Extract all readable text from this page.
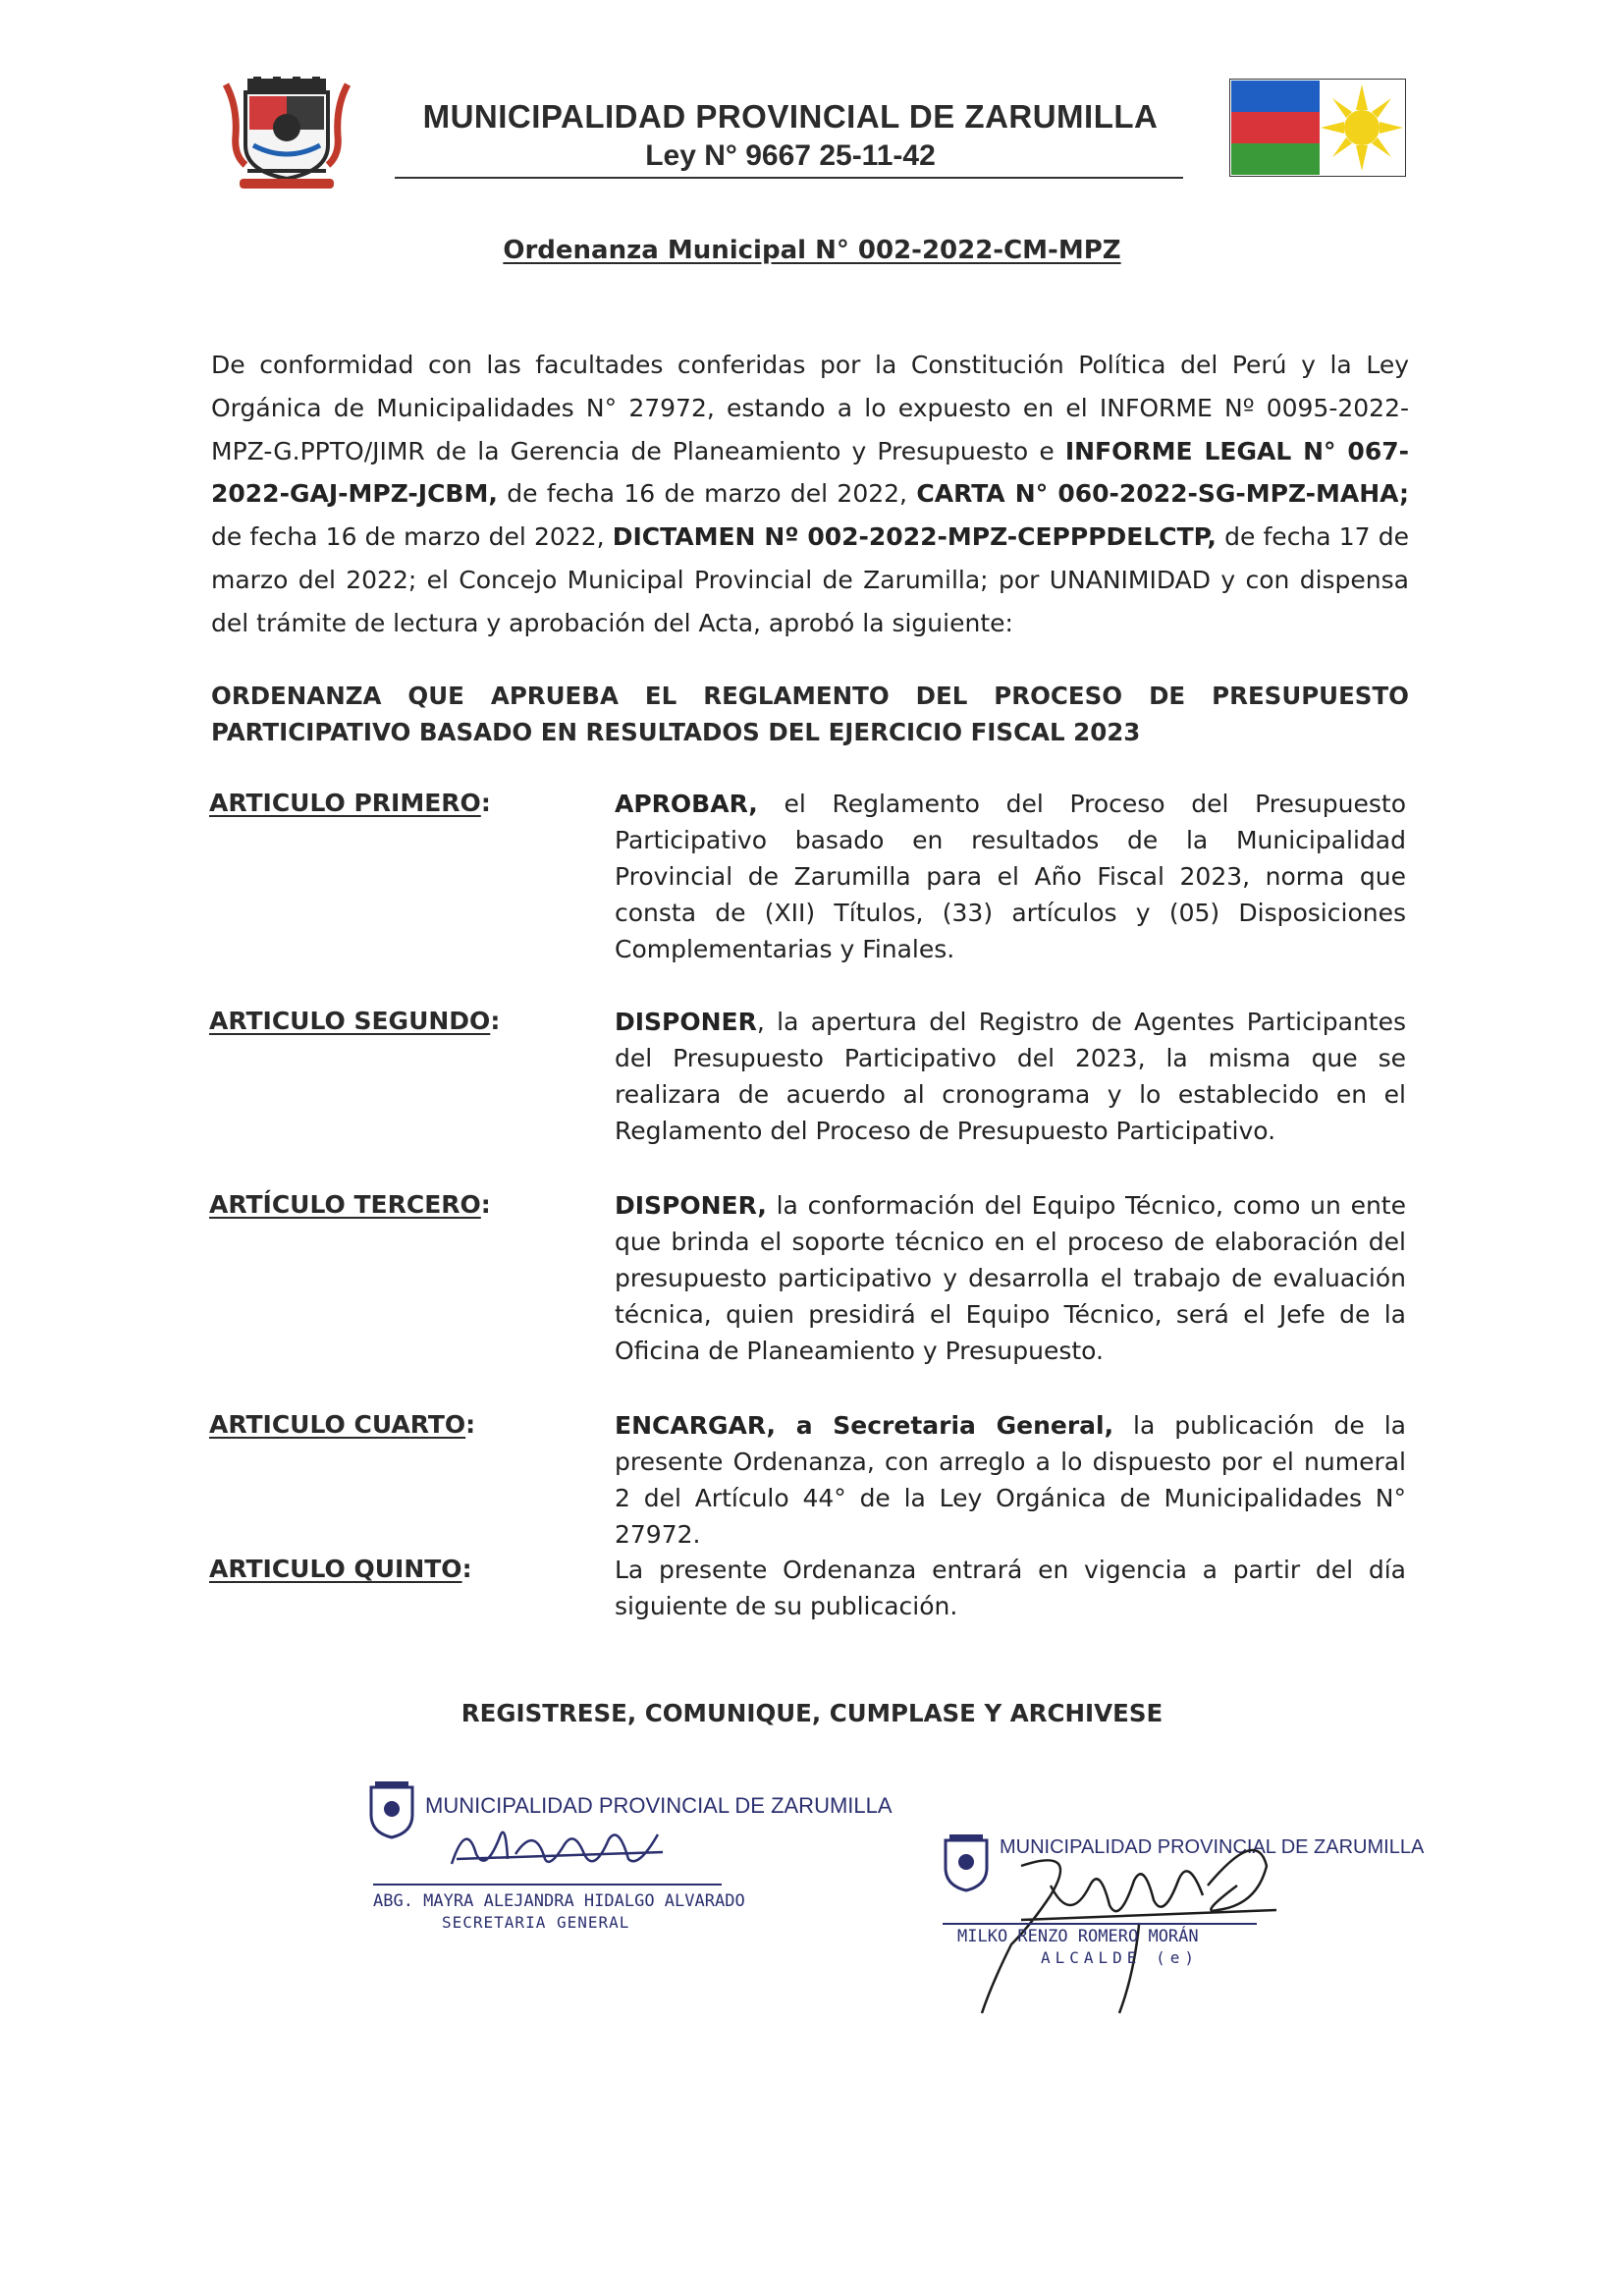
MUNICIPALIDAD PROVINCIAL DE ZARUMILLA
Ley N° 9667 25-11-42
Ordenanza Municipal N° 002-2022-CM-MPZ

De conformidad con las facultades conferidas por la Constitución Política del Perú y la Ley Orgánica de Municipalidades N° 27972, estando a lo expuesto en el INFORME Nº 0095-2022-MPZ-G.PPTO/JIMR de la Gerencia de Planeamiento y Presupuesto e INFORME LEGAL N° 067-2022-GAJ-MPZ-JCBM, de fecha 16 de marzo del 2022, CARTA N° 060-2022-SG-MPZ-MAHA; de fecha 16 de marzo del 2022, DICTAMEN Nº 002-2022-MPZ-CEPPPDELCTP, de fecha 17 de marzo del 2022; el Concejo Municipal Provincial de Zarumilla; por UNANIMIDAD y con dispensa del trámite de lectura y aprobación del Acta, aprobó la siguiente:

ORDENANZA QUE APRUEBA EL REGLAMENTO DEL PROCESO DE PRESUPUESTO PARTICIPATIVO BASADO EN RESULTADOS DEL EJERCICIO FISCAL 2023
ARTICULO PRIMERO:	APROBAR, el Reglamento del Proceso del Presupuesto Participativo basado en resultados de la Municipalidad Provincial de Zarumilla para el Año Fiscal 2023, norma que consta de (XII) Títulos, (33) artículos y (05) Disposiciones Complementarias y Finales.

ARTICULO SEGUNDO:	DISPONER, la apertura del Registro de Agentes Participantes del Presupuesto Participativo del 2023, la misma que se realizara de acuerdo al cronograma y lo establecido en el Reglamento del Proceso de Presupuesto Participativo.

ARTÍCULO TERCERO:	DISPONER, la conformación del Equipo Técnico, como un ente que brinda el soporte técnico en el proceso de elaboración del presupuesto participativo y desarrolla el trabajo de evaluación técnica, quien presidirá el Equipo Técnico, será el Jefe de la Oficina de Planeamiento y Presupuesto.

ARTICULO CUARTO:	ENCARGAR, a Secretaria General, la publicación de la presente Ordenanza, con arreglo a lo dispuesto por el numeral 2 del Artículo 44° de la Ley Orgánica de Municipalidades N° 27972.

ARTICULO QUINTO:	La presente Ordenanza entrará en vigencia a partir del día siguiente de su publicación.

REGISTRESE, COMUNIQUE, CUMPLASE Y ARCHIVESE
MUNICIPALIDAD PROVINCIAL DE ZARUMILLA
ABG. MAYRA ALEJANDRA HIDALGO ALVARADO
SECRETARIA GENERAL
MUNICIPALIDAD PROVINCIAL DE ZARUMILLA
MILKO RENZO ROMERO MORÁN
ALCALDE (e)
